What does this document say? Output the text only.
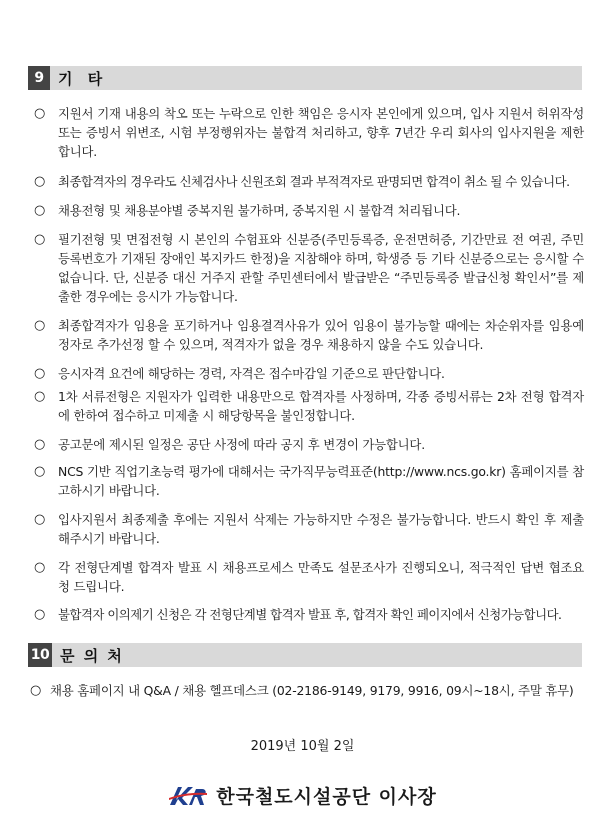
9 기 타
○ 지원서 기재 내용의 착오 또는 누락으로 인한 책임은 응시자 본인에게 있으며, 입사 지원서 허위작성 또는 증빙서 위변조, 시험 부정행위자는 불합격 처리하고, 향후 7년간 우리 회사의 입사지원을 제한합니다.
○ 최종합격자의 경우라도 신체검사나 신원조회 결과 부적격자로 판명되면 합격이 취소 될 수 있습니다.
○ 채용전형 및 채용분야별 중복지원 불가하며, 중복지원 시 불합격 처리됩니다.
○ 필기전형 및 면접전형 시 본인의 수험표와 신분증(주민등록증, 운전면허증, 기간만료 전 여권, 주민등록번호가 기재된 장애인 복지카드 한정)을 지참해야 하며, 학생증 등 기타 신분증으로는 응시할 수 없습니다. 단, 신분증 대신 거주지 관할 주민센터에서 발급받은 “주민등록증 발급신청 확인서”를 제출한 경우에는 응시가 가능합니다.
○ 최종합격자가 임용을 포기하거나 임용결격사유가 있어 임용이 불가능할 때에는 차순위자를 임용예정자로 추가선정 할 수 있으며, 적격자가 없을 경우 채용하지 않을 수도 있습니다.
○ 응시자격 요건에 해당하는 경력, 자격은 접수마감일 기준으로 판단합니다.
○ 1차 서류전형은 지원자가 입력한 내용만으로 합격자를 사정하며, 각종 증빙서류는 2차 전형 합격자에 한하여 접수하고 미제출 시 해당항목을 불인정합니다.
○ 공고문에 제시된 일정은 공단 사정에 따라 공지 후 변경이 가능합니다.
○ NCS 기반 직업기초능력 평가에 대해서는 국가직무능력표준(http://www.ncs.go.kr) 홈페이지를 참고하시기 바랍니다.
○ 입사지원서 최종제출 후에는 지원서 삭제는 가능하지만 수정은 불가능합니다. 반드시 확인 후 제출해주시기 바랍니다.
○ 각 전형단계별 합격자 발표 시 채용프로세스 만족도 설문조사가 진행되오니, 적극적인 답변 협조요청 드립니다.
○ 불합격자 이의제기 신청은 각 전형단계별 합격자 발표 후, 합격자 확인 페이지에서 신청가능합니다.
10 문 의 처
○ 채용 홈페이지 내 Q&A / 채용 헬프데스크 (02-2186-9149, 9179, 9916, 09시~18시, 주말 휴무)
2019년 10월 2일
한국철도시설공단 이사장
